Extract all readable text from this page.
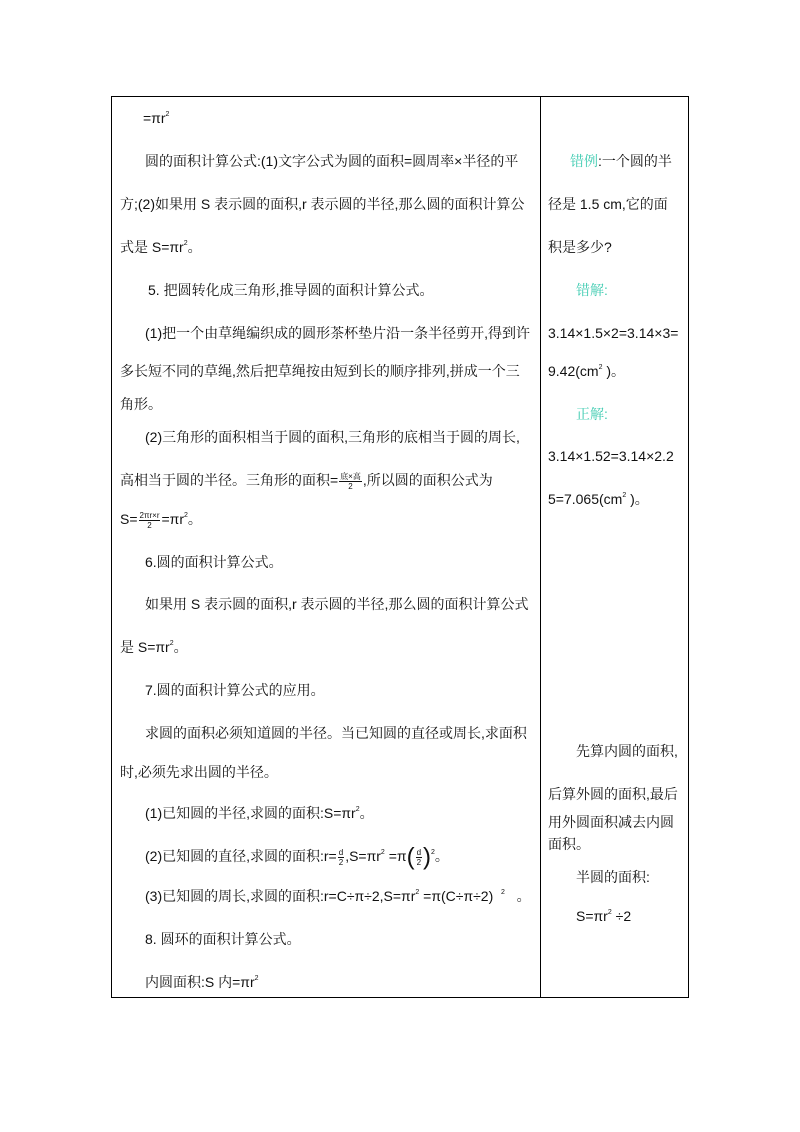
$=\pi r^2$
圆的面积计算公式:(1)文字公式为圆的面积=圆周率×半径的平
方;(2)如果用 S 表示圆的面积,r 表示圆的半径,那么圆的面积计算公
式是 $S=\pi r^2$。
5. 把圆转化成三角形,推导圆的面积计算公式。
(1)把一个由草绳编织成的圆形茶杯垫片沿一条半径剪开,得到许
多长短不同的草绳,然后把草绳按由短到长的顺序排列,拼成一个三
角形。
(2)三角形的面积相当于圆的面积,三角形的底相当于圆的周长,
高相当于圆的半径。三角形的面积= $\frac{\text{底×高}}{2}$ ,所以圆的面积公式为
$S= \frac{2\pi r\times r}{2} =\pi r^2$。
6.圆的面积计算公式。
如果用 S 表示圆的面积,r 表示圆的半径,那么圆的面积计算公式
是 $S=\pi r^2$。
7.圆的面积计算公式的应用。
求圆的面积必须知道圆的半径。当已知圆的直径或周长,求面积
时,必须先求出圆的半径。
(1)已知圆的半径,求圆的面积$:S=\pi r^2$。
(2)已知圆的直径,求圆的面积:r= $\frac{d}{2} ,S=\pi r^2 =\pi( \frac{d}{2} )^2$。
(3)已知圆的周长,求圆的面积$:r=C\div\pi\div 2,S=\pi r^2 =\pi(C\div\pi\div 2)$ $^2$ 。
8. 圆环的面积计算公式。
内圆面积:S 内$=\pi r^2$
错例:一个圆的半
径是 1.5 cm,它的面
积是多少?
错解:
3.14×1.5×2=3.14×3=
$9.42(cm^2$ )。
正解:
3.14×1.52=3.14×2.2
$5=7.065(cm^2$ )。
先算内圆的面积,
后算外圆的面积,最后
用外圆面积减去内圆
面积。
半圆的面积:
$S=\pi r^2 \div 2$
